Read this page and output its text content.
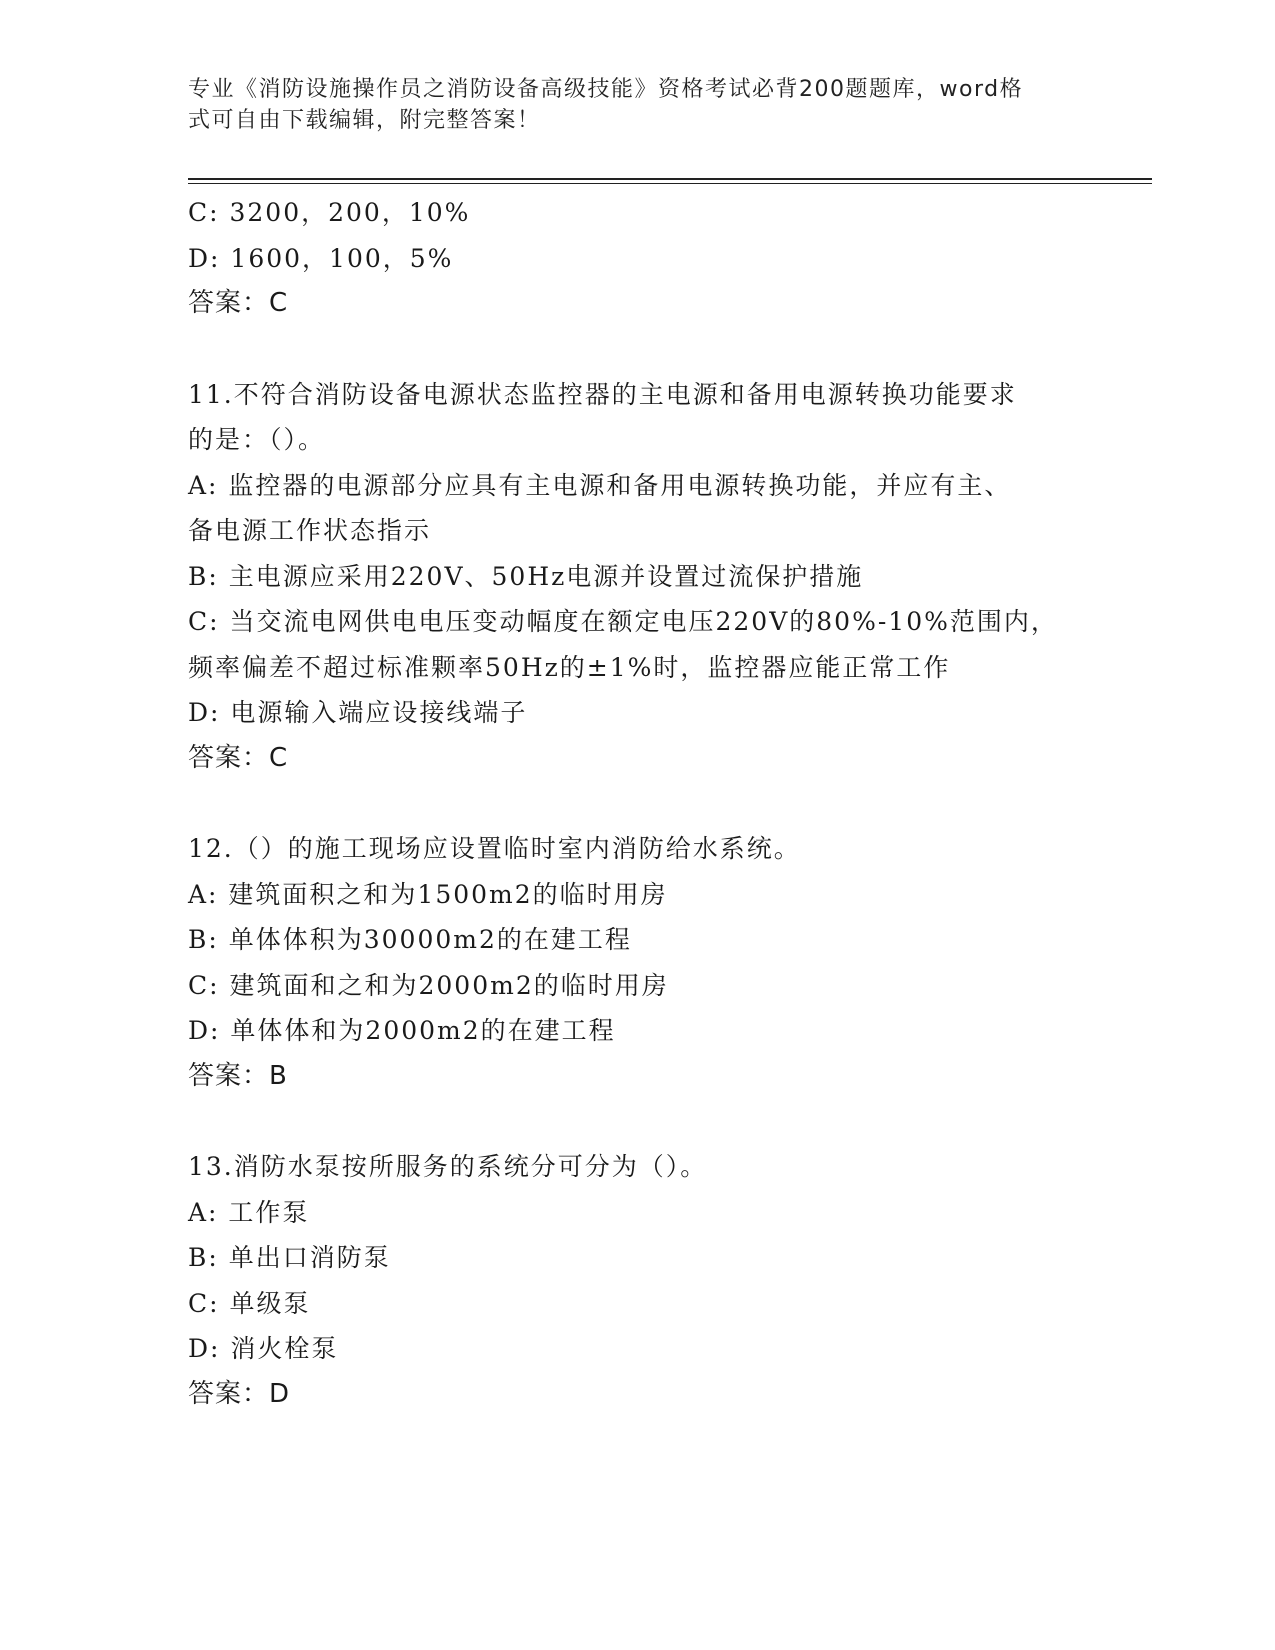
专业《消防设施操作员之消防设备高级技能》资格考试必背200题题库，word格

式可自由下载编辑，附完整答案！

C: 3200，200，10%
D: 1600，100，5%
答案：C
11.不符合消防设备电源状态监控器的主电源和备用电源转换功能要求
的是：（）。
A: 监控器的电源部分应具有主电源和备用电源转换功能，并应有主、
备电源工作状态指示
B: 主电源应采用220V、50Hz电源并设置过流保护措施
C: 当交流电网供电电压变动幅度在额定电压220V的80%-10%范围内，
频率偏差不超过标准颗率50Hz的±1%时，监控器应能正常工作
D: 电源输入端应设接线端子
答案：C
12.（）的施工现场应设置临时室内消防给水系统。
A: 建筑面积之和为1500m2的临时用房
B: 单体体积为30000m2的在建工程
C: 建筑面和之和为2000m2的临时用房
D: 单体体和为2000m2的在建工程
答案：B
13.消防水泵按所服务的系统分可分为（）。
A: 工作泵
B: 单出口消防泵
C: 单级泵
D: 消火栓泵
答案：D
